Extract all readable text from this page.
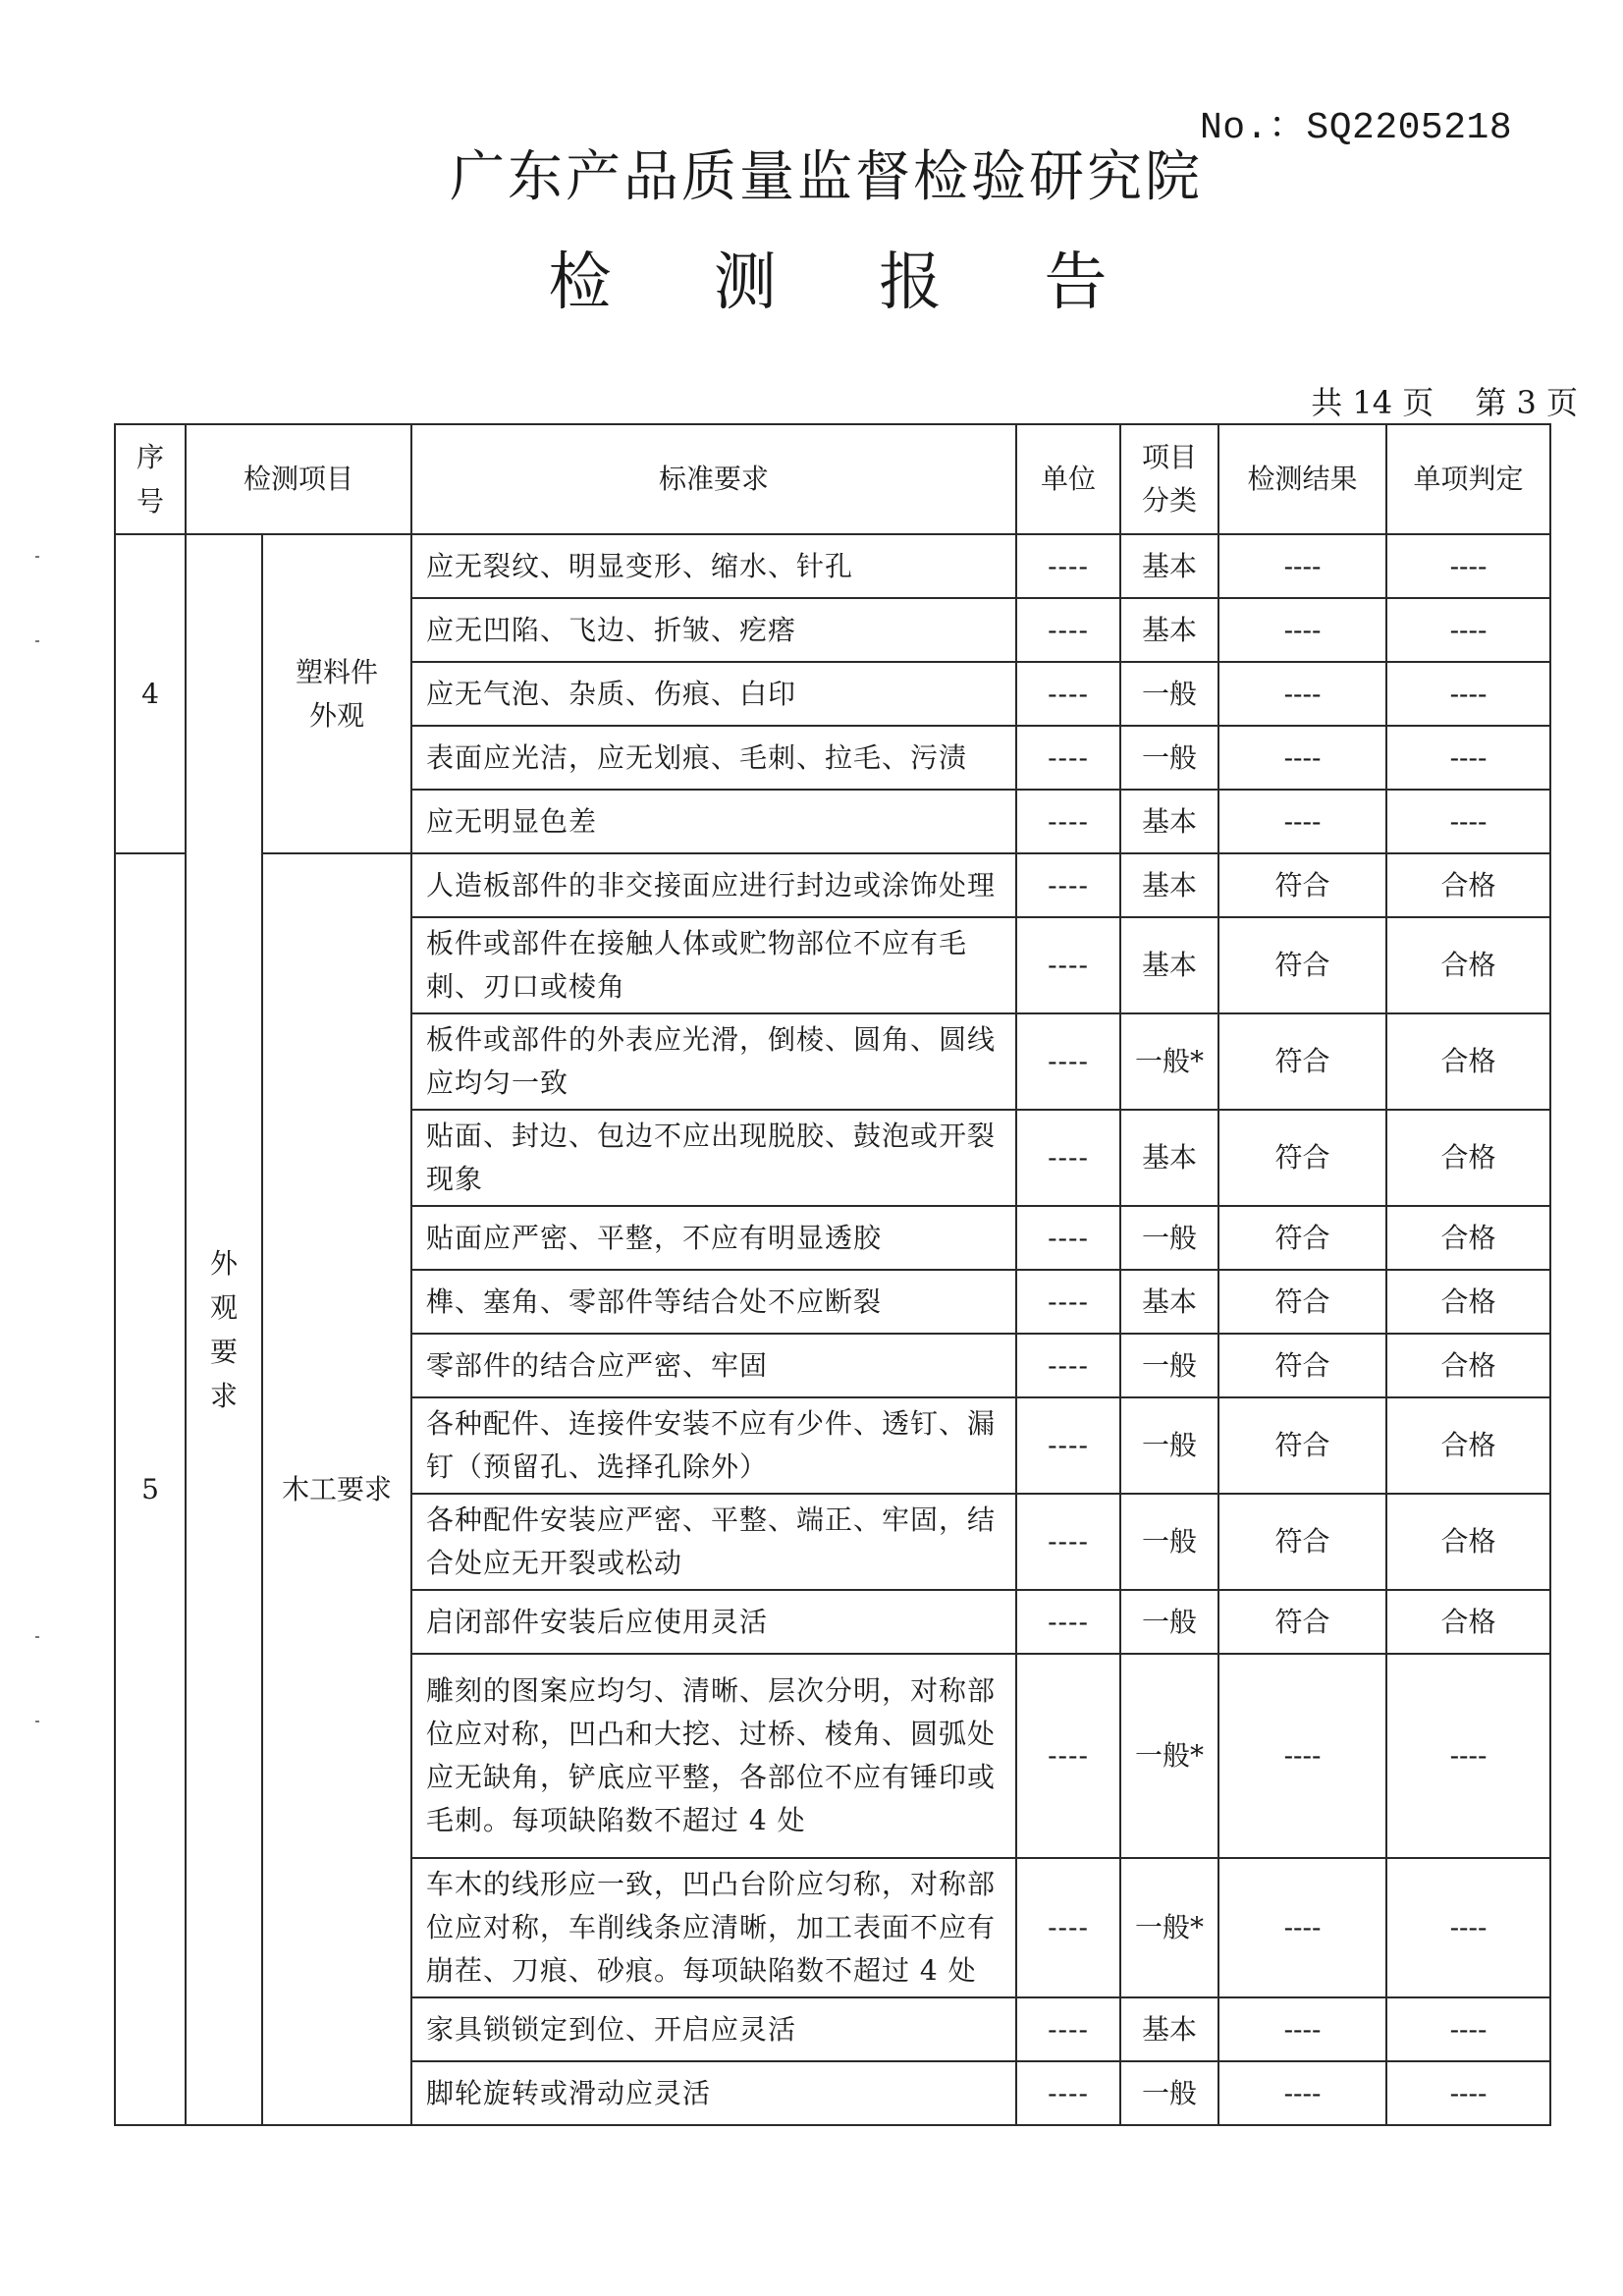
No.：SQ2205218
广东产品质量监督检验研究院
检 测 报 告
共 14 页 第 3 页
序号	检测项目		标准要求	单位	项目分类	检测结果	单项判定
4	外观要求	塑料件外观	应无裂纹、明显变形、缩水、针孔	----	基本	----	----
			应无凹陷、飞边、折皱、疙瘩	----	基本	----	----
			应无气泡、杂质、伤痕、白印	----	一般	----	----
			表面应光洁，应无划痕、毛刺、拉毛、污渍	----	一般	----	----
			应无明显色差	----	基本	----	----
5		木工要求	人造板部件的非交接面应进行封边或涂饰处理	----	基本	符合	合格
			板件或部件在接触人体或贮物部位不应有毛刺、刃口或棱角	----	基本	符合	合格
			板件或部件的外表应光滑，倒棱、圆角、圆线应均匀一致	----	一般*	符合	合格
			贴面、封边、包边不应出现脱胶、鼓泡或开裂现象	----	基本	符合	合格
			贴面应严密、平整，不应有明显透胶	----	一般	符合	合格
			榫、塞角、零部件等结合处不应断裂	----	基本	符合	合格
			零部件的结合应严密、牢固	----	一般	符合	合格
			各种配件、连接件安装不应有少件、透钉、漏钉（预留孔、选择孔除外）	----	一般	符合	合格
			各种配件安装应严密、平整、端正、牢固，结合处应无开裂或松动	----	一般	符合	合格
			启闭部件安装后应使用灵活	----	一般	符合	合格
			雕刻的图案应均匀、清晰、层次分明，对称部位应对称，凹凸和大挖、过桥、棱角、圆弧处应无缺角，铲底应平整，各部位不应有锤印或毛刺。每项缺陷数不超过 4 处	----	一般*	----	----
			车木的线形应一致，凹凸台阶应匀称，对称部位应对称，车削线条应清晰，加工表面不应有崩茬、刀痕、砂痕。每项缺陷数不超过 4 处	----	一般*	----	----
			家具锁锁定到位、开启应灵活	----	基本	----	----
			脚轮旋转或滑动应灵活	----	一般	----	----
